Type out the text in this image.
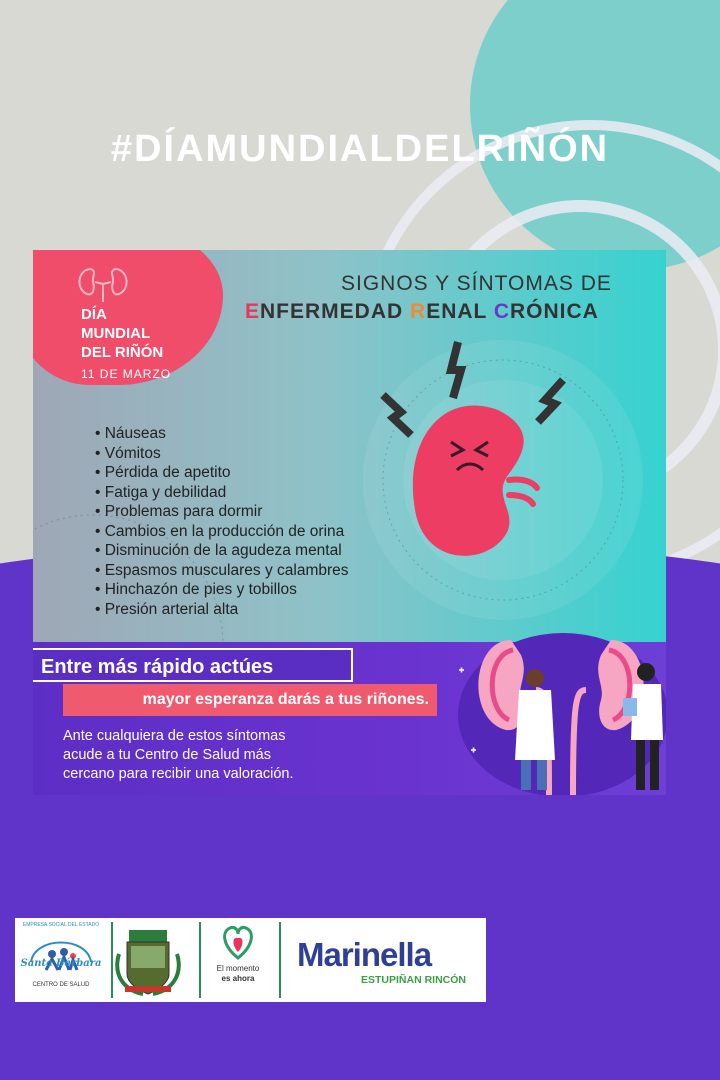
#DÍAMUNDIALDELRIÑÓN
DÍA
MUNDIAL
DEL RIÑÓN
11 DE MARZO
SIGNOS Y SÍNTOMAS DE
ENFERMEDAD RENAL CRÓNICA
• Náuseas
• Vómitos
• Pérdida de apetito
• Fatiga y debilidad
• Problemas para dormir
• Cambios en la producción de orina
• Disminución de la agudeza mental
• Espasmos musculares y calambres
• Hinchazón de pies y tobillos
• Presión arterial alta
Entre más rápido actúes
mayor esperanza darás a tus riñones.
Ante cualquiera de estos síntomas
acude a tu Centro de Salud más
cercano para recibir una valoración.
EMPRESA SOCIAL DEL ESTADO
Santa Bárbara
CENTRO DE SALUD
SANTA BARBARA
El momento
es ahora
Marinella
ESTUPIÑAN RINCÓN
